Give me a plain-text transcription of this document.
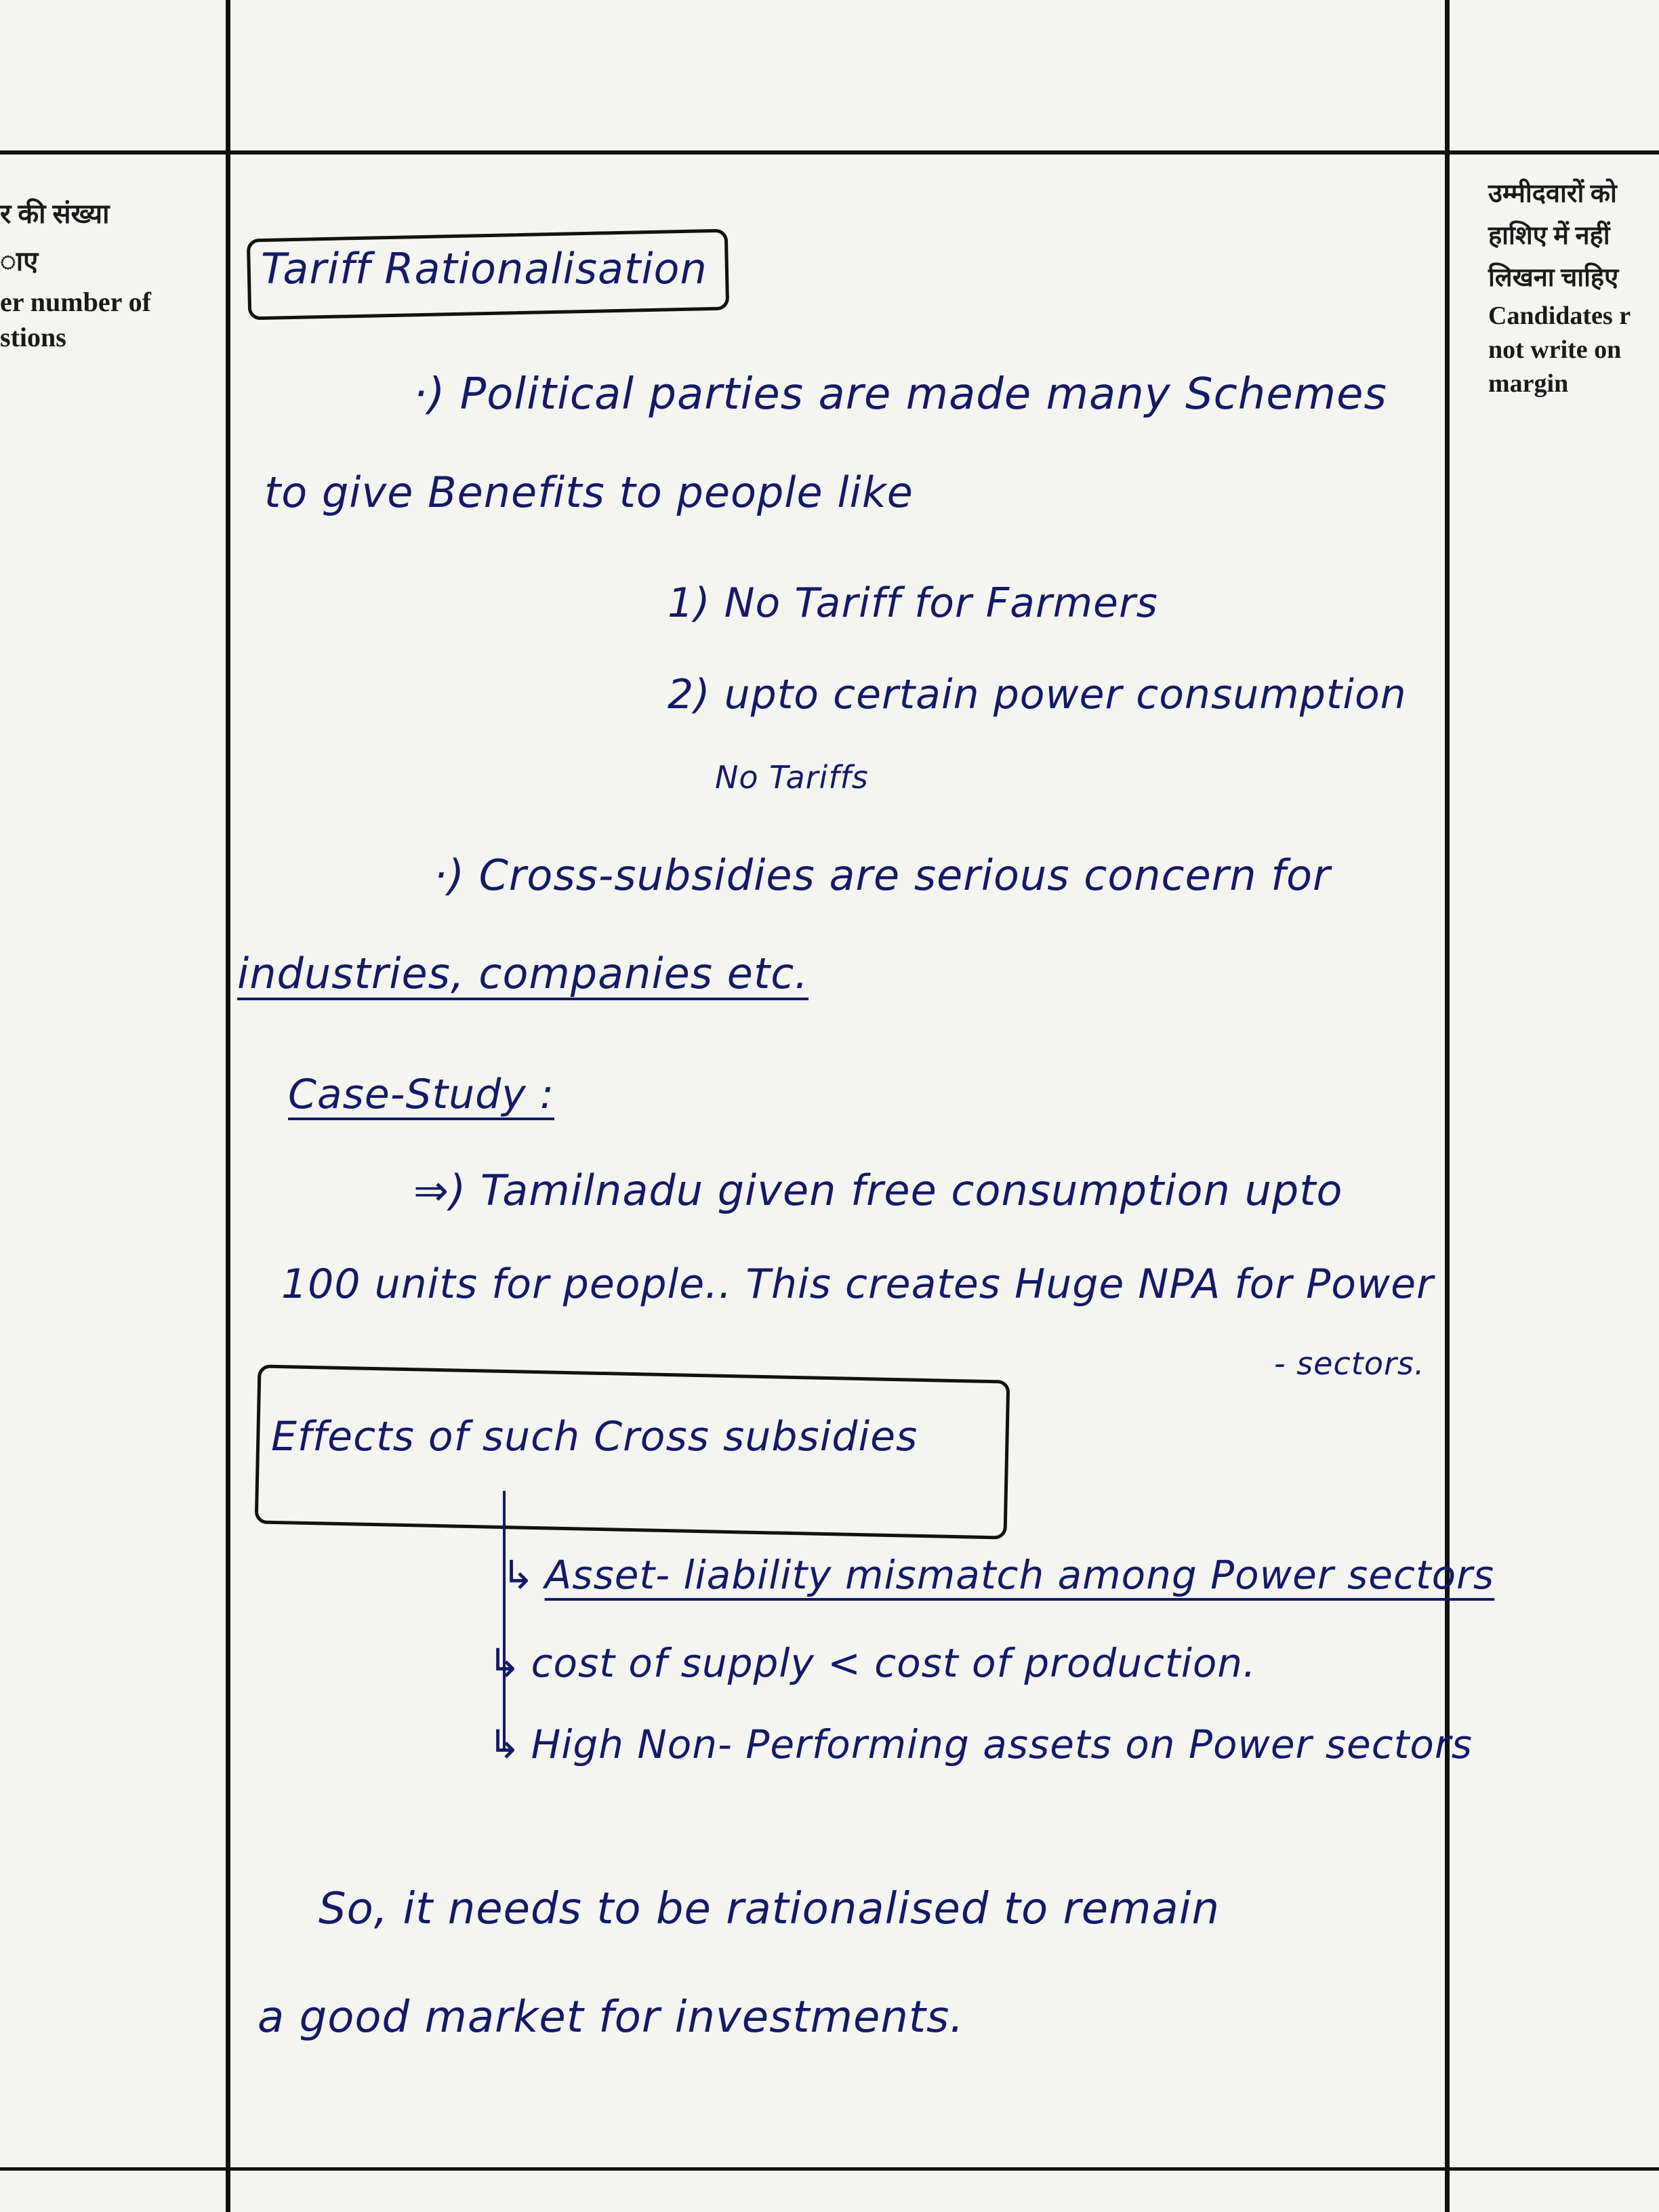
र की संख्या
ाए
er number of
stions
उम्मीदवारों को
हाशिए में नहीं
लिखना चाहिए
Candidates r
not write on
margin
Tariff Rationalisation
·) Political parties are made many Schemes
to give Benefits to people like
1) No Tariff for Farmers
2) upto certain power consumption
No Tariffs
·) Cross-subsidies are serious concern for
industries, companies etc.
Case-Study :
⇒) Tamilnadu given free consumption upto
100 units for people.. This creates Huge NPA for Power
- sectors.
Effects of such Cross subsidies
↳ Asset- liability mismatch among Power sectors
↳ cost of supply < cost of production.
↳ High Non- Performing assets on Power sectors
So, it needs to be rationalised to remain
a good market for investments.
